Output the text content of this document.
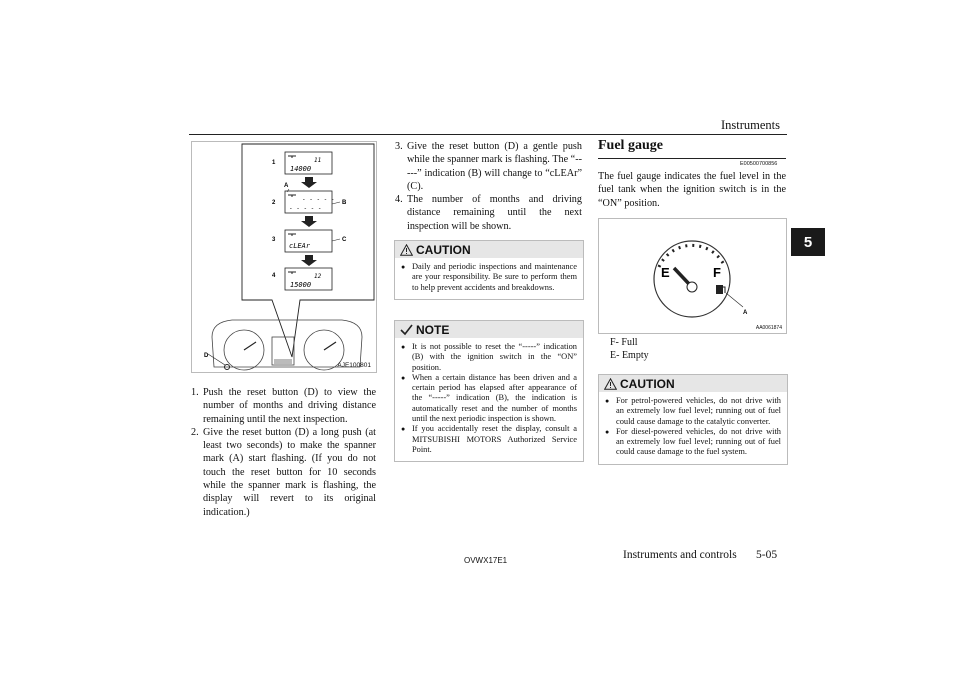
Instruments
5
1
2
3
4
A
B
C
D
11
14000
- - - - -
- - - - -
cLEAr
12
15000
AJE100801
1. Push the reset button (D) to view the number of months and driving distance remaining until the next inspection.
2. Give the reset button (D) a long push (at least two seconds) to make the spanner mark (A) start flashing. (If you do not touch the reset button for 10 seconds while the spanner mark is flashing, the display will revert to its original indication.)
3. Give the reset button (D) a gentle push while the spanner mark is flashing. The “-----” indication (B) will change to “cLEAr” (C).
4. The number of months and driving distance remaining until the next inspection will be shown.
CAUTION
● Daily and periodic inspections and maintenance are your responsibility. Be sure to perform them to help prevent accidents and breakdowns.
NOTE
● It is not possible to reset the “-----” indication (B) with the ignition switch in the “ON” position.
● When a certain distance has been driven and a certain period has elapsed after appearance of the “-----” indication (B), the indication is automatically reset and the number of months until the next periodic inspection is shown.
● If you accidentally reset the display, consult a MITSUBISHI MOTORS Authorized Service Point.
Fuel gauge
E00500700856
The fuel gauge indicates the fuel level in the fuel tank when the ignition switch is in the “ON” position.
E	F
A
AA0061874
F- Full
E- Empty
CAUTION
● For petrol-powered vehicles, do not drive with an extremely low fuel level; running out of fuel could cause damage to the catalytic converter.
● For diesel-powered vehicles, do not drive with an extremely low fuel level; running out of fuel could cause damage to the fuel system.
OVWX17E1	Instruments and controls 5-05
